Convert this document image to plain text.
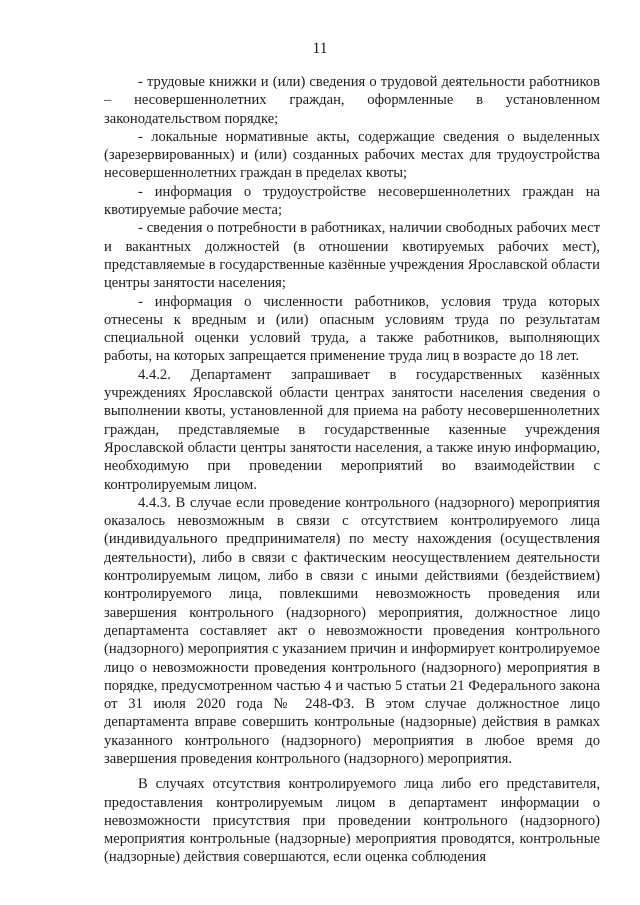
11

- трудовые книжки и (или) сведения о трудовой деятельности работников – несовершеннолетних граждан, оформленные в установленном законодательством порядке;

- локальные нормативные акты, содержащие сведения о выделенных (зарезервированных) и (или) созданных рабочих местах для трудоустройства несовершеннолетних граждан в пределах квоты;

- информация о трудоустройстве несовершеннолетних граждан на квотируемые рабочие места;

- сведения о потребности в работниках, наличии свободных рабочих мест и вакантных должностей (в отношении квотируемых рабочих мест), представляемые в государственные казённые учреждения Ярославской области центры занятости населения;

- информация о численности работников, условия труда которых отнесены к вредным и (или) опасным условиям труда по результатам специальной оценки условий труда, а также работников, выполняющих работы, на которых запрещается применение труда лиц в возрасте до 18 лет.

4.4.2. Департамент запрашивает в государственных казённых учреждениях Ярославской области центрах занятости населения сведения о выполнении квоты, установленной для приема на работу несовершеннолетних граждан, представляемые в государственные казенные учреждения Ярославской области центры занятости населения, а также иную информацию, необходимую при проведении мероприятий во взаимодействии с контролируемым лицом.

4.4.3. В случае если проведение контрольного (надзорного) мероприятия оказалось невозможным в связи с отсутствием контролируемого лица (индивидуального предпринимателя) по месту нахождения (осуществления деятельности), либо в связи с фактическим неосуществлением деятельности контролируемым лицом, либо в связи с иными действиями (бездействием) контролируемого лица, повлекшими невозможность проведения или завершения контрольного (надзорного) мероприятия, должностное лицо департамента составляет акт о невозможности проведения контрольного (надзорного) мероприятия с указанием причин и информирует контролируемое лицо о невозможности проведения контрольного (надзорного) мероприятия в порядке, предусмотренном частью 4 и частью 5 статьи 21 Федерального закона от 31 июля 2020 года № 248-ФЗ. В этом случае должностное лицо департамента вправе совершить контрольные (надзорные) действия в рамках указанного контрольного (надзорного) мероприятия в любое время до завершения проведения контрольного (надзорного) мероприятия.

В случаях отсутствия контролируемого лица либо его представителя, предоставления контролируемым лицом в департамент информации о невозможности присутствия при проведении контрольного (надзорного) мероприятия контрольные (надзорные) мероприятия проводятся, контрольные (надзорные) действия совершаются, если оценка соблюдения
